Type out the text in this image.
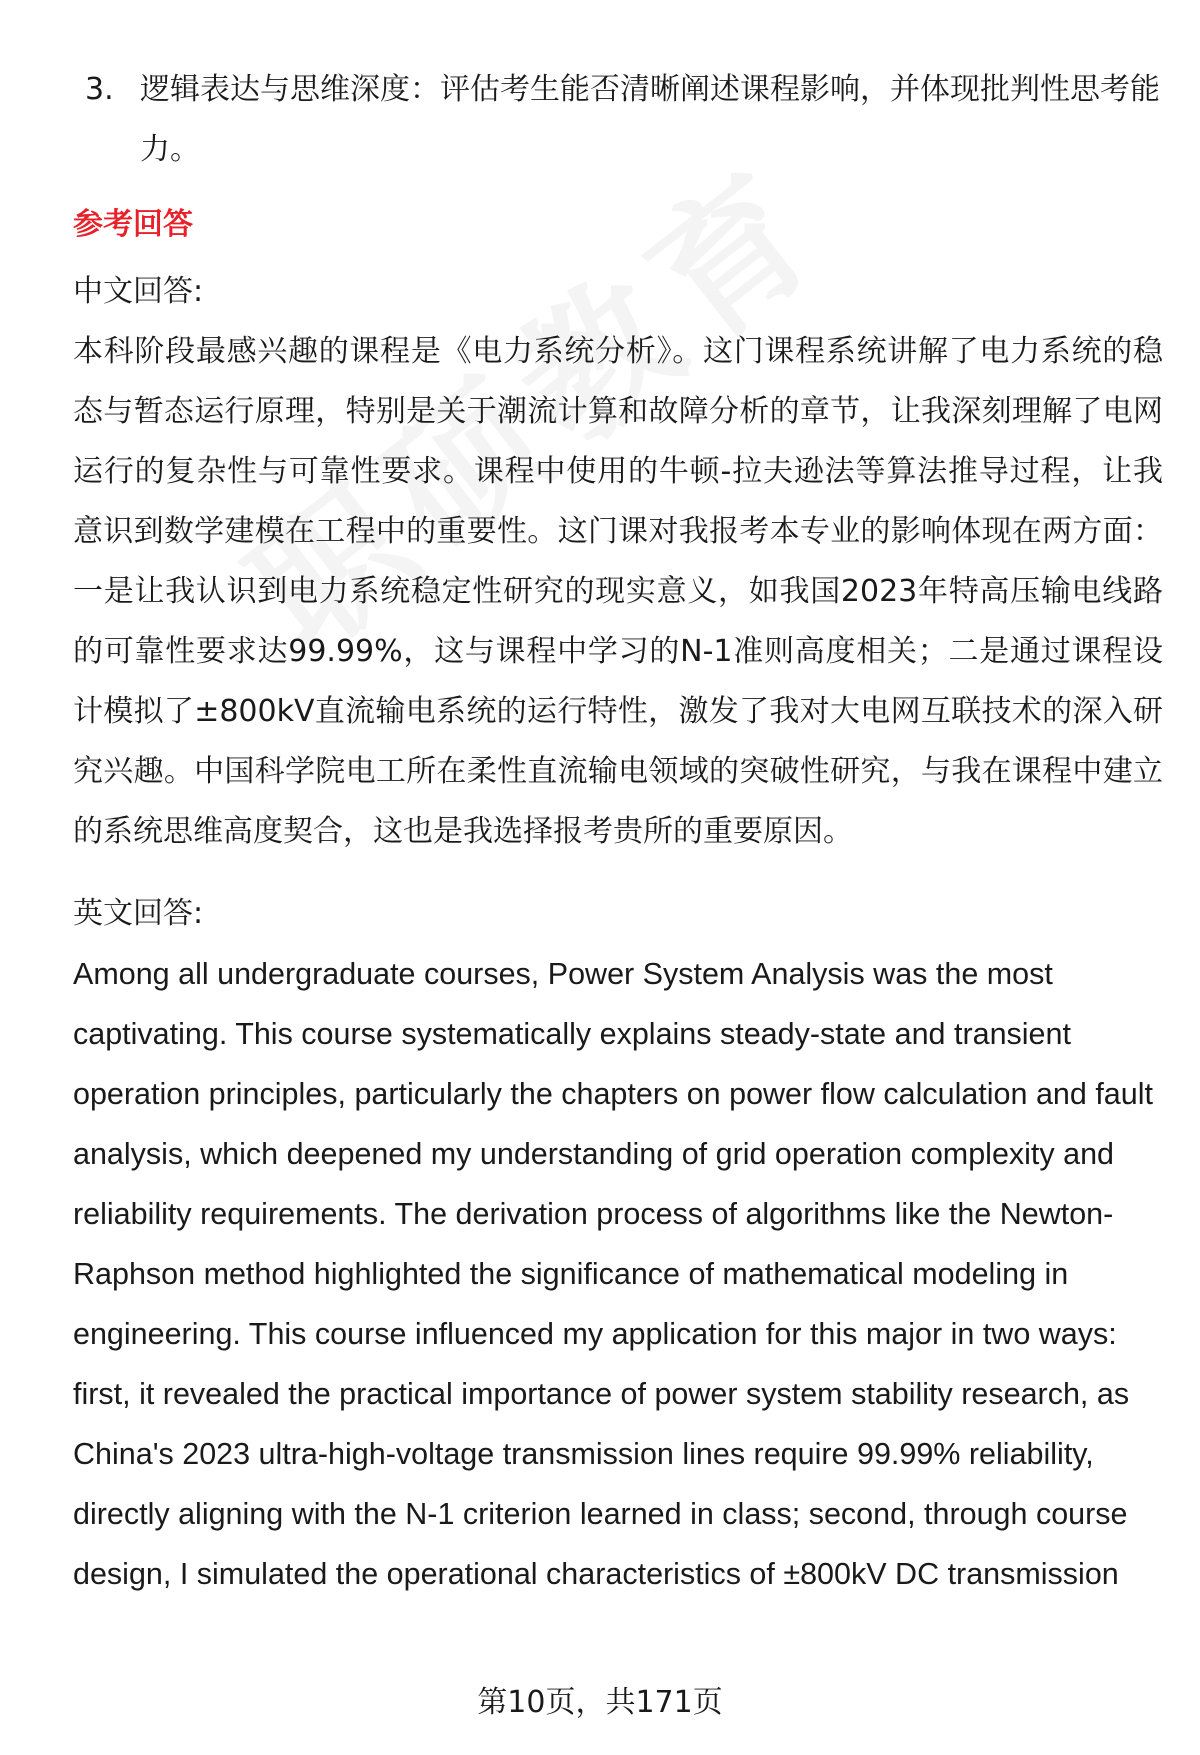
3. 逻辑表达与思维深度：评估考生能否清晰阐述课程影响，并体现批判性思考能力。
参考回答
中文回答:
本科阶段最感兴趣的课程是《电力系统分析》。这门课程系统讲解了电力系统的稳态与暂态运行原理，特别是关于潮流计算和故障分析的章节，让我深刻理解了电网运行的复杂性与可靠性要求。课程中使用的牛顿-拉夫逊法等算法推导过程，让我意识到数学建模在工程中的重要性。这门课对我报考本专业的影响体现在两方面：一是让我认识到电力系统稳定性研究的现实意义，如我国2023年特高压输电线路的可靠性要求达99.99%，这与课程中学习的N-1准则高度相关；二是通过课程设计模拟了±800kV直流输电系统的运行特性，激发了我对大电网互联技术的深入研究兴趣。中国科学院电工所在柔性直流输电领域的突破性研究，与我在课程中建立的系统思维高度契合，这也是我选择报考贵所的重要原因。
英文回答:
Among all undergraduate courses, Power System Analysis was the most captivating. This course systematically explains steady-state and transient operation principles, particularly the chapters on power flow calculation and fault analysis, which deepened my understanding of grid operation complexity and reliability requirements. The derivation process of algorithms like the Newton-Raphson method highlighted the significance of mathematical modeling in engineering. This course influenced my application for this major in two ways: first, it revealed the practical importance of power system stability research, as China's 2023 ultra-high-voltage transmission lines require 99.99% reliability, directly aligning with the N-1 criterion learned in class; second, through course design, I simulated the operational characteristics of ±800kV DC transmission
第10页，共171页
